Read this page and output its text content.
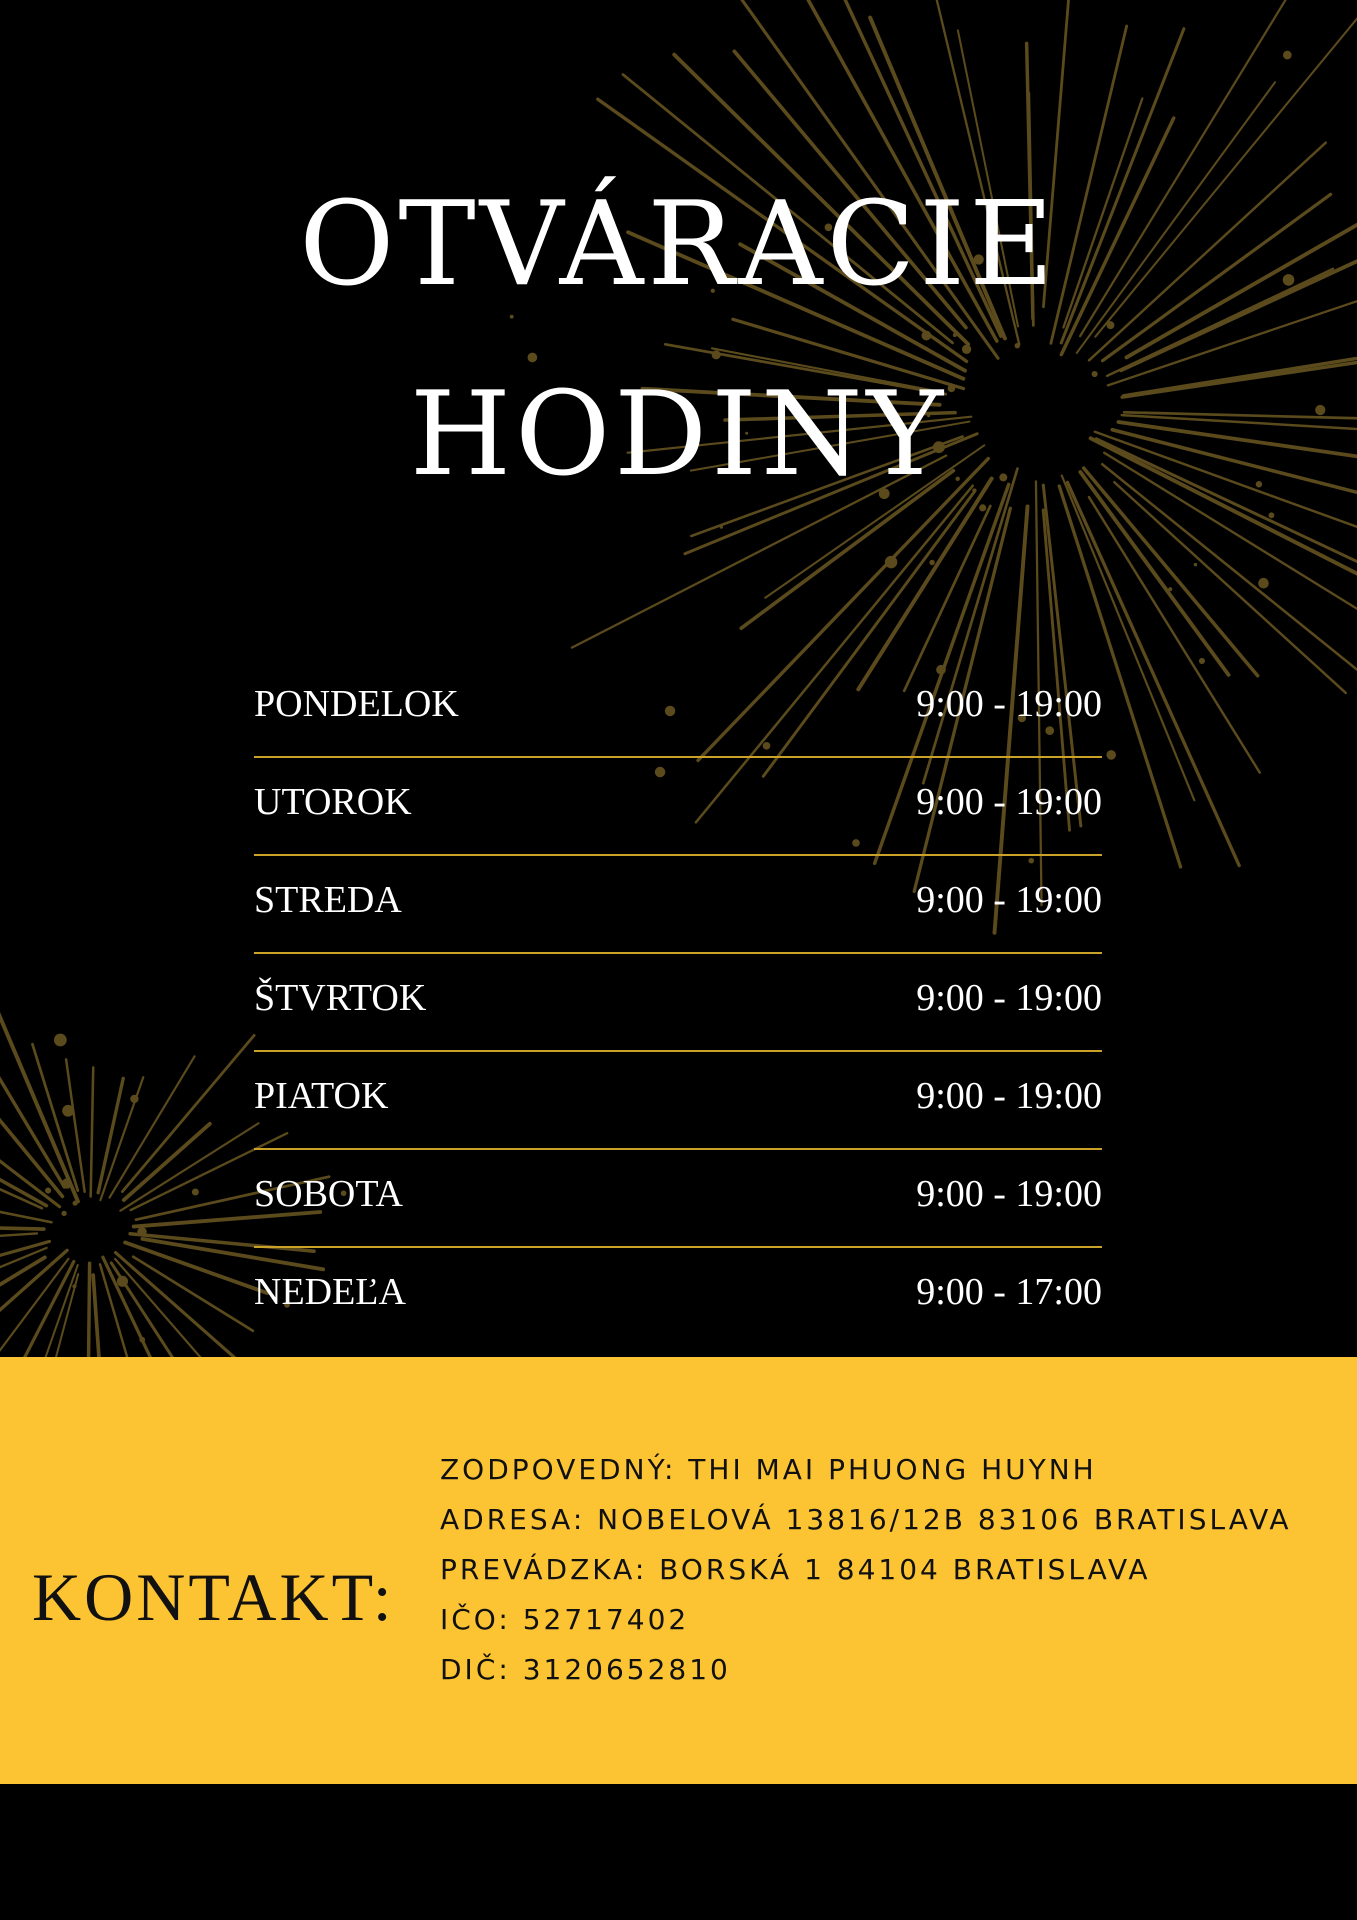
OTVÁRACIE
HODINY
PONDELOK	9:00 - 19:00
UTOROK	9:00 - 19:00
STREDA	9:00 - 19:00
ŠTVRTOK	9:00 - 19:00
PIATOK	9:00 - 19:00
SOBOTA	9:00 - 19:00
NEDEĽA	9:00 - 17:00
KONTAKT:
ZODPOVEDNÝ: THI MAI PHUONG HUYNH
ADRESA: NOBELOVÁ 13816/12B 83106 BRATISLAVA
PREVÁDZKA: BORSKÁ 1 84104 BRATISLAVA
IČO: 52717402
DIČ: 3120652810
